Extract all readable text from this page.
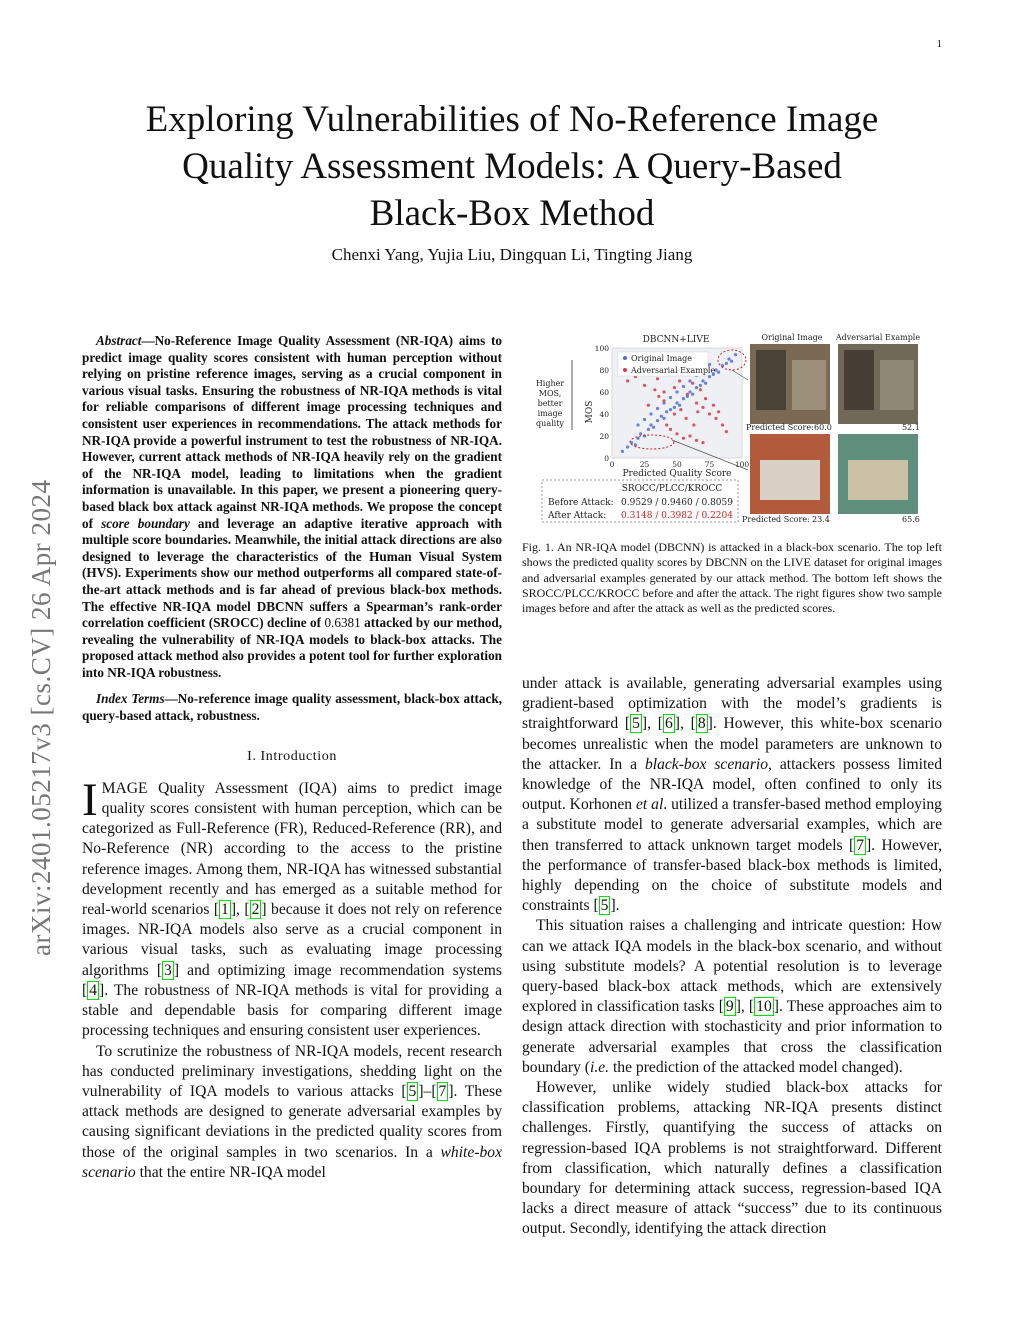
1
Exploring Vulnerabilities of No-Reference Image
Quality Assessment Models: A Query-Based
Black-Box Method
Chenxi Yang, Yujia Liu, Dingquan Li, Tingting Jiang
arXiv:2401.05217v3 [cs.CV] 26 Apr 2024

Abstract—No-Reference Image Quality Assessment (NR-IQA) aims to predict image quality scores consistent with human perception without relying on pristine reference images, serving as a crucial component in various visual tasks. Ensuring the robustness of NR-IQA methods is vital for reliable comparisons of different image processing techniques and consistent user experiences in recommendations. The attack methods for NR-IQA provide a powerful instrument to test the robustness of NR-IQA. However, current attack methods of NR-IQA heavily rely on the gradient of the NR-IQA model, leading to limitations when the gradient information is unavailable. In this paper, we present a pioneering query-based black box attack against NR-IQA methods. We propose the concept of score boundary and leverage an adaptive iterative approach with multiple score boundaries. Meanwhile, the initial attack directions are also designed to leverage the characteristics of the Human Visual System (HVS). Experiments show our method outperforms all compared state-of-the-art attack methods and is far ahead of previous black-box methods. The effective NR-IQA model DBCNN suffers a Spearman’s rank-order correlation coefficient (SROCC) decline of 0.6381 attacked by our method, revealing the vulnerability of NR-IQA models to black-box attacks. The proposed attack method also provides a potent tool for further exploration into NR-IQA robustness.

Index Terms—No-reference image quality assessment, black-box attack, query-based attack, robustness.

I. Introduction

IMAGE Quality Assessment (IQA) aims to predict image quality scores consistent with human perception, which can be categorized as Full-Reference (FR), Reduced-Reference (RR), and No-Reference (NR) according to the access to the pristine reference images. Among them, NR-IQA has witnessed substantial development recently and has emerged as a suitable method for real-world scenarios [ 1 ], [ 2 ] because it does not rely on reference images. NR-IQA models also serve as a crucial component in various visual tasks, such as evaluating image processing algorithms [ 3 ] and optimizing image recommendation systems [ 4 ]. The robustness of NR-IQA methods is vital for providing a stable and dependable basis for comparing different image processing techniques and ensuring consistent user experiences.

To scrutinize the robustness of NR-IQA models, recent research has conducted preliminary investigations, shedding light on the vulnerability of IQA models to various attacks [ 5 ]–[ 7 ]. These attack methods are designed to generate adversarial examples by causing significant deviations in the predicted quality scores from those of the original samples in two scenarios. In a white-box scenario that the entire NR-IQA model

DBCNN+LIVE
0
20
40
60
80
100
0	25	50	75	100
Original Image
Adversarial Example
MOS
Higher
MOS,
better
image
quality
Predicted Quality Score
SROCC/PLCC/KROCC
Before Attack: 0.9529 / 0.9460 / 0.8059
After Attack: 0.3148 / 0.3982 / 0.2204
Original Image Adversarial Example
Predicted Score: 60.0	52.1
Predicted Score: 23.4	65.6
Fig. 1. An NR-IQA model (DBCNN) is attacked in a black-box scenario. The top left shows the predicted quality scores by DBCNN on the LIVE dataset for original images and adversarial examples generated by our attack method. The bottom left shows the SROCC/PLCC/KROCC before and after the attack. The right figures show two sample images before and after the attack as well as the predicted scores.

under attack is available, generating adversarial examples using gradient-based optimization with the model’s gradients is straightforward [ 5 ], [ 6 ], [ 8 ]. However, this white-box scenario becomes unrealistic when the model parameters are unknown to the attacker. In a black-box scenario, attackers possess limited knowledge of the NR-IQA model, often confined to only its output. Korhonen et al. utilized a transfer-based method employing a substitute model to generate adversarial examples, which are then transferred to attack unknown target models [ 7 ]. However, the performance of transfer-based black-box methods is limited, highly depending on the choice of substitute models and constraints [ 5 ].

This situation raises a challenging and intricate question: How can we attack IQA models in the black-box scenario, and without using substitute models? A potential resolution is to leverage query-based black-box attack methods, which are extensively explored in classification tasks [ 9 ], [ 10 ]. These approaches aim to design attack direction with stochasticity and prior information to generate adversarial examples that cross the classification boundary (i.e. the prediction of the attacked model changed).

However, unlike widely studied black-box attacks for classification problems, attacking NR-IQA presents distinct challenges. Firstly, quantifying the success of attacks on regression-based IQA problems is not straightforward. Different from classification, which naturally defines a classification boundary for determining attack success, regression-based IQA lacks a direct measure of attack “success” due to its continuous output. Secondly, identifying the attack direction
